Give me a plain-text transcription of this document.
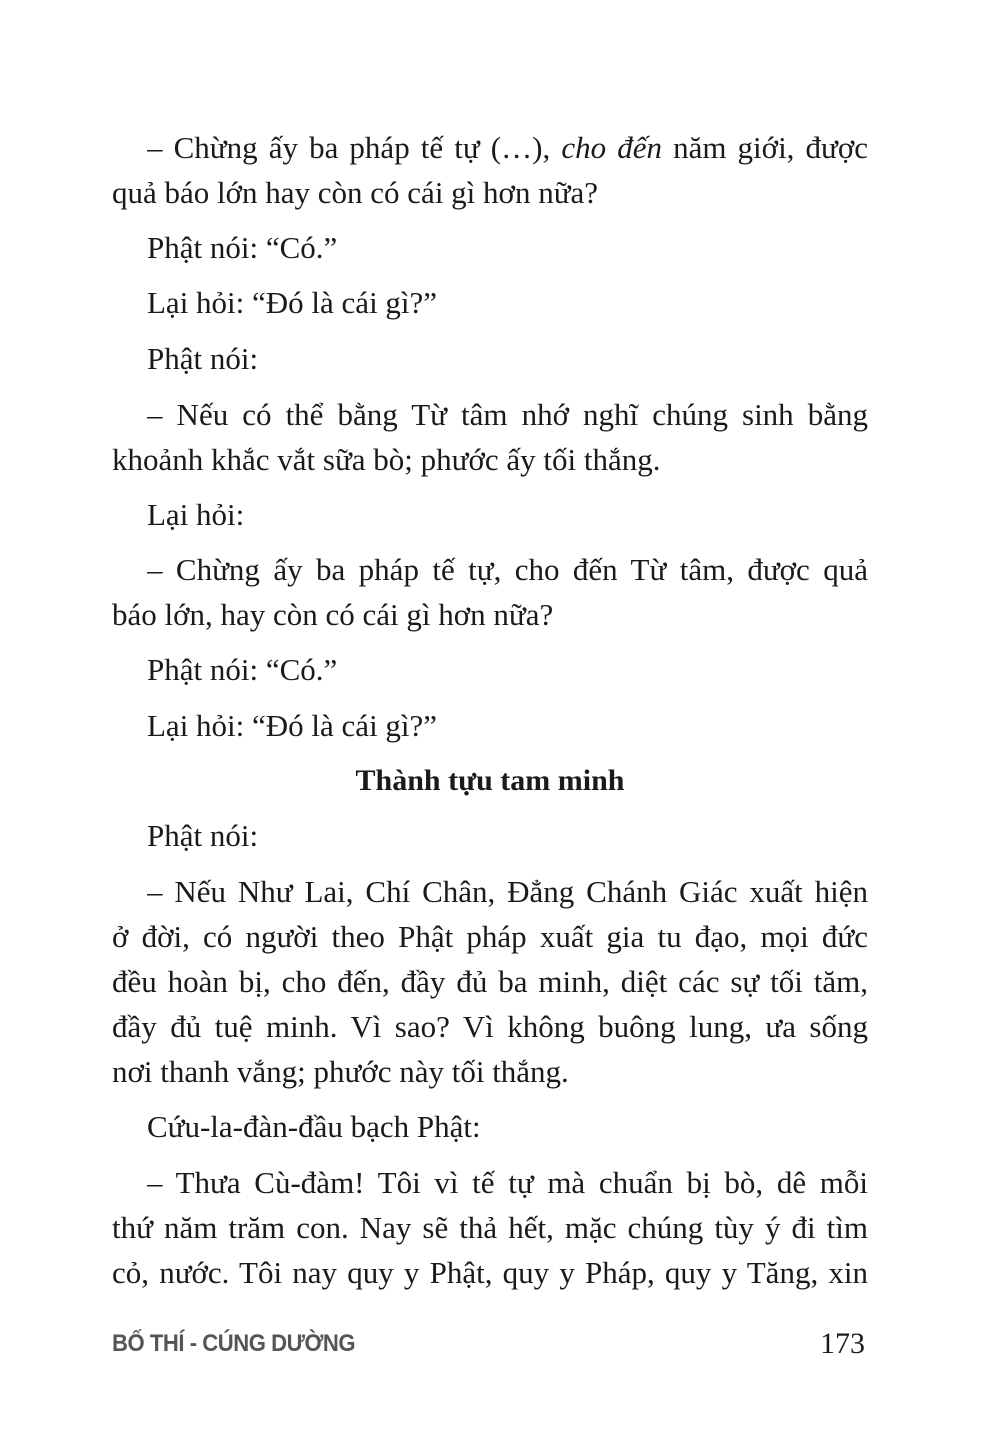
– Chừng ấy ba pháp tế tự (…), cho đến năm giới, được
quả báo lớn hay còn có cái gì hơn nữa?
Phật nói: “Có.”
Lại hỏi: “Đó là cái gì?”
Phật nói:
– Nếu có thể bằng Từ tâm nhớ nghĩ chúng sinh bằng
khoảnh khắc vắt sữa bò; phước ấy tối thắng.
Lại hỏi:
– Chừng ấy ba pháp tế tự, cho đến Từ tâm, được quả
báo lớn, hay còn có cái gì hơn nữa?
Phật nói: “Có.”
Lại hỏi: “Đó là cái gì?”
Thành tựu tam minh
Phật nói:
– Nếu Như Lai, Chí Chân, Đẳng Chánh Giác xuất hiện
ở đời, có người theo Phật pháp xuất gia tu đạo, mọi đức
đều hoàn bị, cho đến, đầy đủ ba minh, diệt các sự tối tăm,
đầy đủ tuệ minh. Vì sao? Vì không buông lung, ưa sống
nơi thanh vắng; phước này tối thắng.
Cứu-la-đàn-đầu bạch Phật:
– Thưa Cù-đàm! Tôi vì tế tự mà chuẩn bị bò, dê mỗi
thứ năm trăm con. Nay sẽ thả hết, mặc chúng tùy ý đi tìm
cỏ, nước. Tôi nay quy y Phật, quy y Pháp, quy y Tăng, xin
BỐ THÍ - CÚNG DƯỜNG	173
